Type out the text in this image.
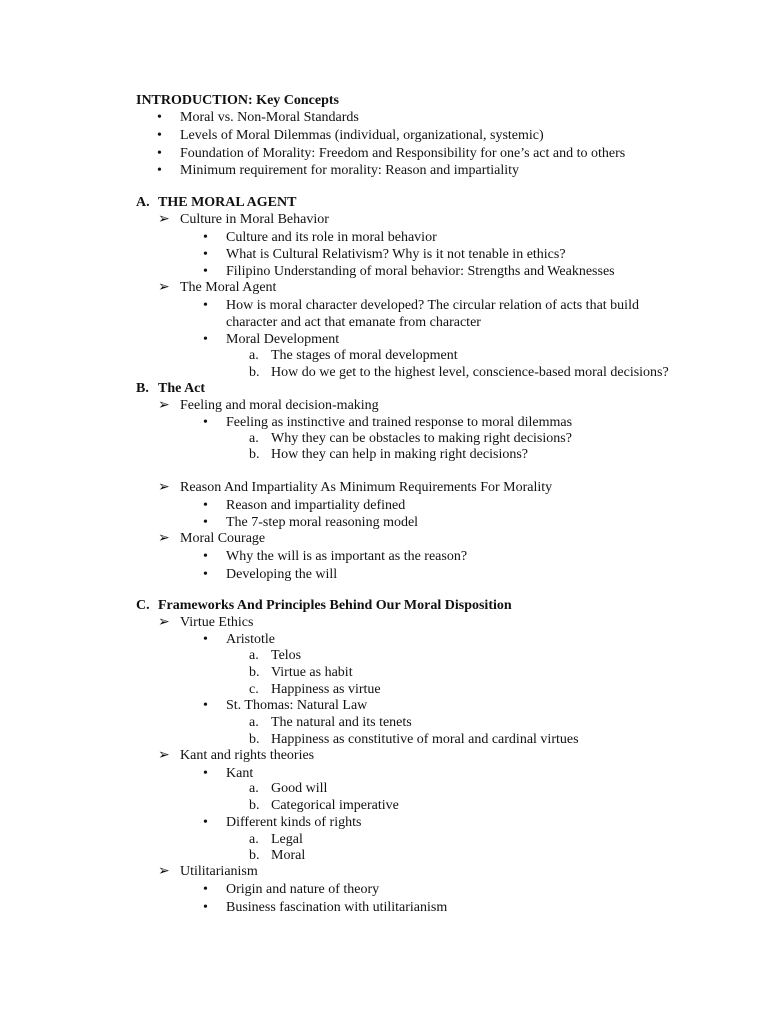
INTRODUCTION: Key Concepts
• Moral vs. Non-Moral Standards
• Levels of Moral Dilemmas (individual, organizational, systemic)
• Foundation of Morality: Freedom and Responsibility for one’s act and to others
• Minimum requirement for morality: Reason and impartiality
A. THE MORAL AGENT
➢ Culture in Moral Behavior
• Culture and its role in moral behavior
• What is Cultural Relativism? Why is it not tenable in ethics?
• Filipino Understanding of moral behavior: Strengths and Weaknesses
➢ The Moral Agent
• How is moral character developed? The circular relation of acts that build
character and act that emanate from character
• Moral Development
a. The stages of moral development
b. How do we get to the highest level, conscience-based moral decisions?
B. The Act
➢ Feeling and moral decision-making
• Feeling as instinctive and trained response to moral dilemmas
a. Why they can be obstacles to making right decisions?
b. How they can help in making right decisions?
➢ Reason And Impartiality As Minimum Requirements For Morality
• Reason and impartiality defined
• The 7-step moral reasoning model
➢ Moral Courage
• Why the will is as important as the reason?
• Developing the will
C. Frameworks And Principles Behind Our Moral Disposition
➢ Virtue Ethics
• Aristotle
a. Telos
b. Virtue as habit
c. Happiness as virtue
• St. Thomas: Natural Law
a. The natural and its tenets
b. Happiness as constitutive of moral and cardinal virtues
➢ Kant and rights theories
• Kant
a. Good will
b. Categorical imperative
• Different kinds of rights
a. Legal
b. Moral
➢ Utilitarianism
• Origin and nature of theory
• Business fascination with utilitarianism
